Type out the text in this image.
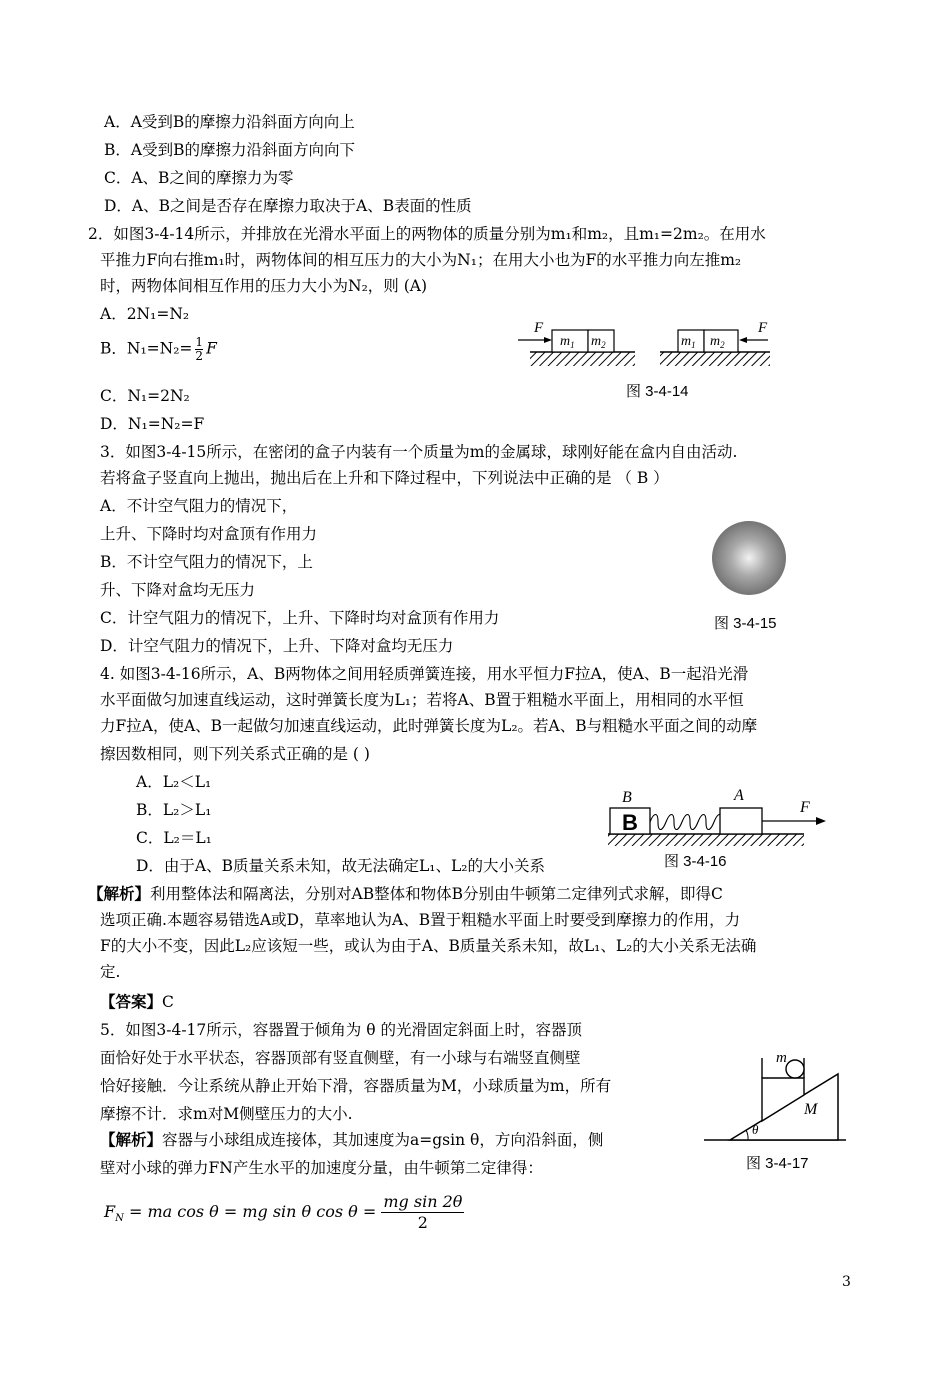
A．A受到B的摩擦力沿斜面方向向上
B．A受到B的摩擦力沿斜面方向向下
C．A、B之间的摩擦力为零
D．A、B之间是否存在摩擦力取决于A、B表面的性质
2．如图3-4-14所示，并排放在光滑水平面上的两物体的质量分别为m₁和m₂，且m₁=2m₂。在用水
平推力F向右推m₁时，两物体间的相互压力的大小为N₁；在用大小也为F的水平推力向左推m₂
时，两物体间相互作用的压力大小为N₂，则 (A)
A．2N₁=N₂
B．$N_1=N_2= \frac{1}{2}$ F
C．N₁=2N₂
D．N₁=N₂=F
$m_1$ $m_2$
F
$m_1$ $m_2$
F
图 3-4-14
3．如图3-4-15所示，在密闭的盒子内装有一个质量为m的金属球，球刚好能在盒内自由活动.
若将盒子竖直向上抛出，抛出后在上升和下降过程中，下列说法中正确的是 （ B ）
A．不计空气阻力的情况下，
上升、下降时均对盒顶有作用力
B．不计空气阻力的情况下，上
升、下降对盒均无压力
C．计空气阻力的情况下，上升、下降时均对盒顶有作用力
D．计空气阻力的情况下，上升、下降对盒均无压力
图 3-4-15
4. 如图3-4-16所示，A、B两物体之间用轻质弹簧连接，用水平恒力F拉A，使A、B一起沿光滑
水平面做匀加速直线运动，这时弹簧长度为L₁；若将A、B置于粗糙水平面上，用相同的水平恒
力F拉A，使A、B一起做匀加速直线运动，此时弹簧长度为L₂。若A、B与粗糙水平面之间的动摩
擦因数相同，则下列关系式正确的是 ( )
A．L₂＜L₁
B．L₂＞L₁
C．L₂＝L₁
D．由于A、B质量关系未知，故无法确定L₁、L₂的大小关系
B
B	A
F
图 3-4-16
【解析】利用整体法和隔离法，分别对AB整体和物体B分别由牛顿第二定律列式求解，即得C
选项正确.本题容易错选A或D，草率地认为A、B置于粗糙水平面上时要受到摩擦力的作用，力
F的大小不变，因此L₂应该短一些，或认为由于A、B质量关系未知，故L₁、L₂的大小关系无法确
定.
【答案】C
5．如图3-4-17所示，容器置于倾角为 θ 的光滑固定斜面上时，容器顶
面恰好处于水平状态，容器顶部有竖直侧壁，有一小球与右端竖直侧壁
恰好接触．今让系统从静止开始下滑，容器质量为M，小球质量为m，所有
摩擦不计．求m对M侧壁压力的大小.
【解析】容器与小球组成连接体，其加速度为a=gsin θ，方向沿斜面，侧
壁对小球的弹力FN产生水平的加速度分量，由牛顿第二定律得：
$F_N$ = ma cos θ = mg sin θ $\cos \theta = \frac{\text{mg sin 2θ}}{2}$
θ
m
M
图 3-4-17
3
